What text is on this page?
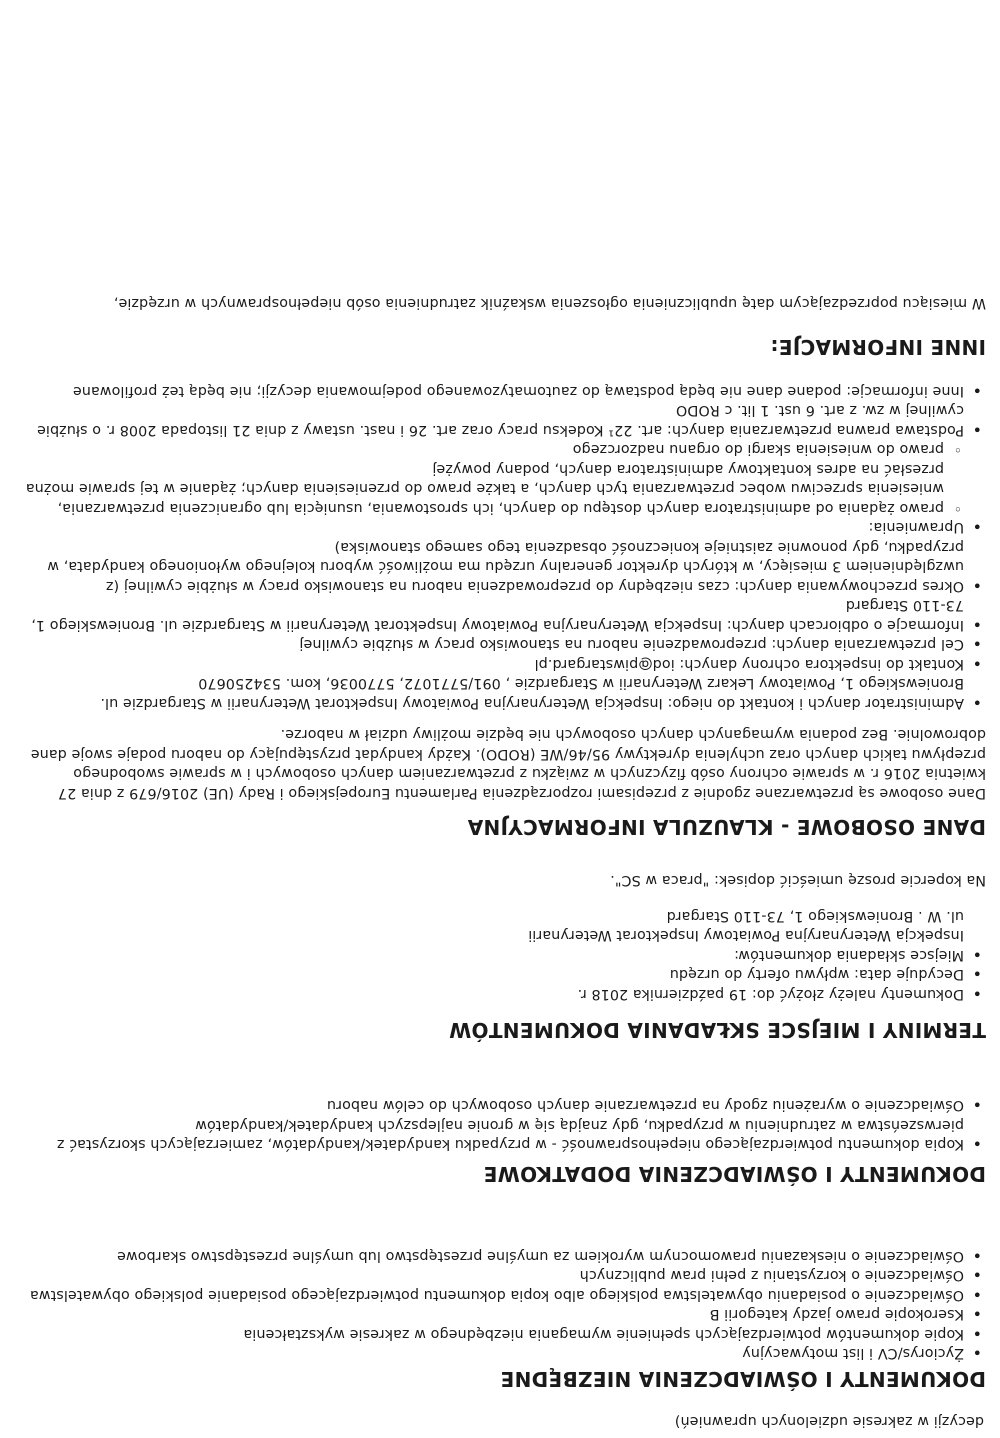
decyzji w zakresie udzielonych uprawnień)

DOKUMENTY I OŚWIADCZENIA NIEZBĘDNE
• Życiorys/CV i list motywacyjny
• Kopie dokumentów potwierdzających spełnienie wymagania niezbędnego w zakresie wykształcenia
• Kserokopie prawo jazdy kategorii B
• Oświadczenie o posiadaniu obywatelstwa polskiego albo kopia dokumentu potwierdzającego posiadanie polskiego obywatelstwa
• Oświadczenie o korzystaniu z pełni praw publicznych
• Oświadczenie o nieskazaniu prawomocnym wyrokiem za umyślne przestępstwo lub umyślne przestępstwo skarbowe
DOKUMENTY I OŚWIADCZENIA DODATKOWE
• Kopia dokumentu potwierdzającego niepełnosprawność - w przypadku kandydatek/kandydatów, zamierzających skorzystać z pierwszeństwa w zatrudnieniu w przypadku, gdy znajdą się w gronie najlepszych kandydatek/kandydatów
• Oświadczenie o wyrażeniu zgody na przetwarzanie danych osobowych do celów naboru
TERMINY I MIEJSCE SKŁADANIA DOKUMENTÓW
• Dokumenty należy złożyć do: 19 października 2018 r.
• Decyduje data: wpływu oferty do urzędu
• Miejsce składania dokumentów:
Inspekcja Weterynaryjna Powiatowy Inspektorat Weterynarii
ul. W . Broniewskiego 1, 73-110 Stargard

Na kopercie proszę umieścić dopisek: "praca w SC".

DANE OSOBOWE - KLAUZULA INFORMACYJNA

Dane osobowe są przetwarzane zgodnie z przepisami rozporządzenia Parlamentu Europejskiego i Rady (UE) 2016/679 z dnia 27 kwietnia 2016 r. w sprawie ochrony osób fizycznych w związku z przetwarzaniem danych osobowych i w sprawie swobodnego przepływu takich danych oraz uchylenia dyrektywy 95/46/WE (RODO). Każdy kandydat przystępujący do naboru podaje swoje dane dobrowolnie. Bez podania wymaganych danych osobowych nie będzie możliwy udział w naborze.

• Administrator danych i kontakt do niego: Inspekcja Weterynaryjna Powiatowy Inspektorat Weterynarii w Stargardzie ul. Broniewskiego 1, Powiatowy Lekarz Weterynarii w Stargardzie , 091/5771072, 5770036, kom. 534250670
• Kontakt do inspektora ochrony danych: iod@piwstargard.pl
• Cel przetwarzania danych: przeprowadzenie naboru na stanowisko pracy w służbie cywilnej
• Informacje o odbiorcach danych: Inspekcja Weterynaryjna Powiatowy Inspektorat Weterynarii w Stargardzie ul. Broniewskiego 1, 73-110 Stargard
• Okres przechowywania danych: czas niezbędny do przeprowadzenia naboru na stanowisko pracy w służbie cywilnej (z uwzględnieniem 3 miesięcy, w których dyrektor generalny urzędu ma możliwość wyboru kolejnego wyłonionego kandydata, w przypadku, gdy ponownie zaistnieje konieczność obsadzenia tego samego stanowiska)
• Uprawnienia:
◦ prawo żądania od administratora danych dostępu do danych, ich sprostowania, usunięcia lub ograniczenia przetwarzania, wniesienia sprzeciwu wobec przetwarzania tych danych, a także prawo do przeniesienia danych; żądanie w tej sprawie można przesłać na adres kontaktowy administratora danych, podany powyżej
◦ prawo do wniesienia skargi do organu nadzorczego
• Podstawa prawna przetwarzania danych: art. 22¹ Kodeksu pracy oraz art. 26 i nast. ustawy z dnia 21 listopada 2008 r. o służbie cywilnej w zw. z art. 6 ust. 1 lit. c RODO
• Inne informacje: podane dane nie będą podstawą do zautomatyzowanego podejmowania decyzji; nie będą też profilowane
INNE INFORMACJE:

W miesiącu poprzedzającym datę upublicznienia ogłoszenia wskaźnik zatrudnienia osób niepełnosprawnych w urzędzie,
